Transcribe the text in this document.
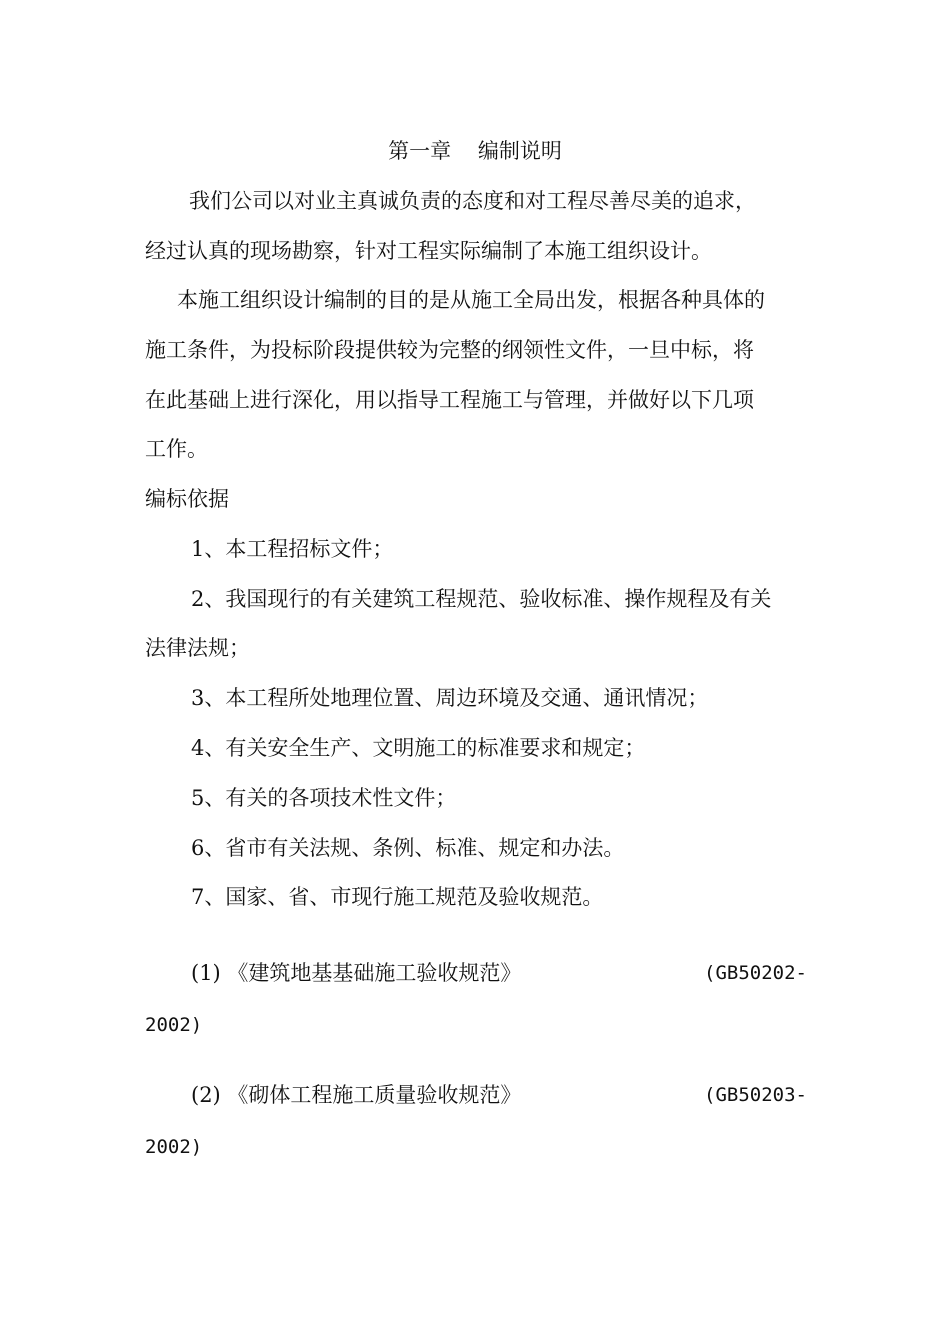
第一章    编制说明
我们公司以对业主真诚负责的态度和对工程尽善尽美的追求，
经过认真的现场勘察，针对工程实际编制了本施工组织设计。
本施工组织设计编制的目的是从施工全局出发，根据各种具体的
施工条件，为投标阶段提供较为完整的纲领性文件，一旦中标，将
在此基础上进行深化，用以指导工程施工与管理，并做好以下几项
工作。
编标依据
1、本工程招标文件；
2、我国现行的有关建筑工程规范、验收标准、操作规程及有关
法律法规；
3、本工程所处地理位置、周边环境及交通、通讯情况；
4、有关安全生产、文明施工的标准要求和规定；
5、有关的各项技术性文件；
6、省市有关法规、条例、标准、规定和办法。
7、国家、省、市现行施工规范及验收规范。
(1) 《建筑地基基础施工验收规范》	(GB50202-
2002)
(2) 《砌体工程施工质量验收规范》	(GB50203-
2002)
